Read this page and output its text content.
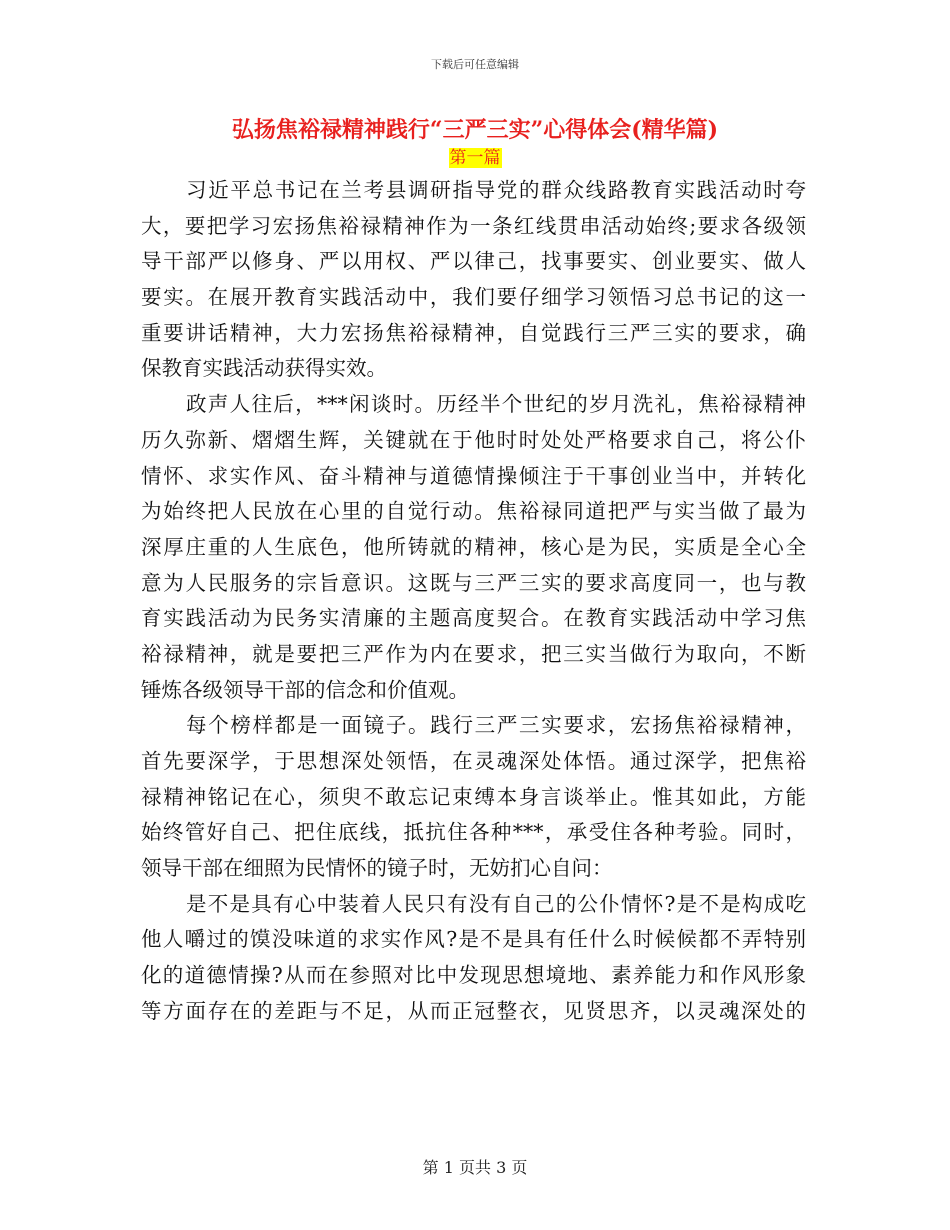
下载后可任意编辑
弘扬焦裕禄精神践行“三严三实”心得体会(精华篇)
第一篇
习近平总书记在兰考县调研指导党的群众线路教育实践活动时夸
大，要把学习宏扬焦裕禄精神作为一条红线贯串活动始终;要求各级领
导干部严以修身、严以用权、严以律己，找事要实、创业要实、做人
要实。在展开教育实践活动中，我们要仔细学习领悟习总书记的这一
重要讲话精神，大力宏扬焦裕禄精神，自觉践行三严三实的要求，确
保教育实践活动获得实效。
政声人往后，***闲谈时。历经半个世纪的岁月洗礼，焦裕禄精神
历久弥新、熠熠生辉，关键就在于他时时处处严格要求自己，将公仆
情怀、求实作风、奋斗精神与道德情操倾注于干事创业当中，并转化
为始终把人民放在心里的自觉行动。焦裕禄同道把严与实当做了最为
深厚庄重的人生底色，他所铸就的精神，核心是为民，实质是全心全
意为人民服务的宗旨意识。这既与三严三实的要求高度同一，也与教
育实践活动为民务实清廉的主题高度契合。在教育实践活动中学习焦
裕禄精神，就是要把三严作为内在要求，把三实当做行为取向，不断
锤炼各级领导干部的信念和价值观。
每个榜样都是一面镜子。践行三严三实要求，宏扬焦裕禄精神，
首先要深学，于思想深处领悟，在灵魂深处体悟。通过深学，把焦裕
禄精神铭记在心，须臾不敢忘记束缚本身言谈举止。惟其如此，方能
始终管好自己、把住底线，抵抗住各种***，承受住各种考验。同时，
领导干部在细照为民情怀的镜子时，无妨扪心自问：
是不是具有心中装着人民只有没有自己的公仆情怀?是不是构成吃
他人嚼过的馍没味道的求实作风?是不是具有任什么时候候都不弄特别
化的道德情操?从而在参照对比中发现思想境地、素养能力和作风形象
等方面存在的差距与不足，从而正冠整衣，见贤思齐，以灵魂深处的
第 1 页共 3 页
